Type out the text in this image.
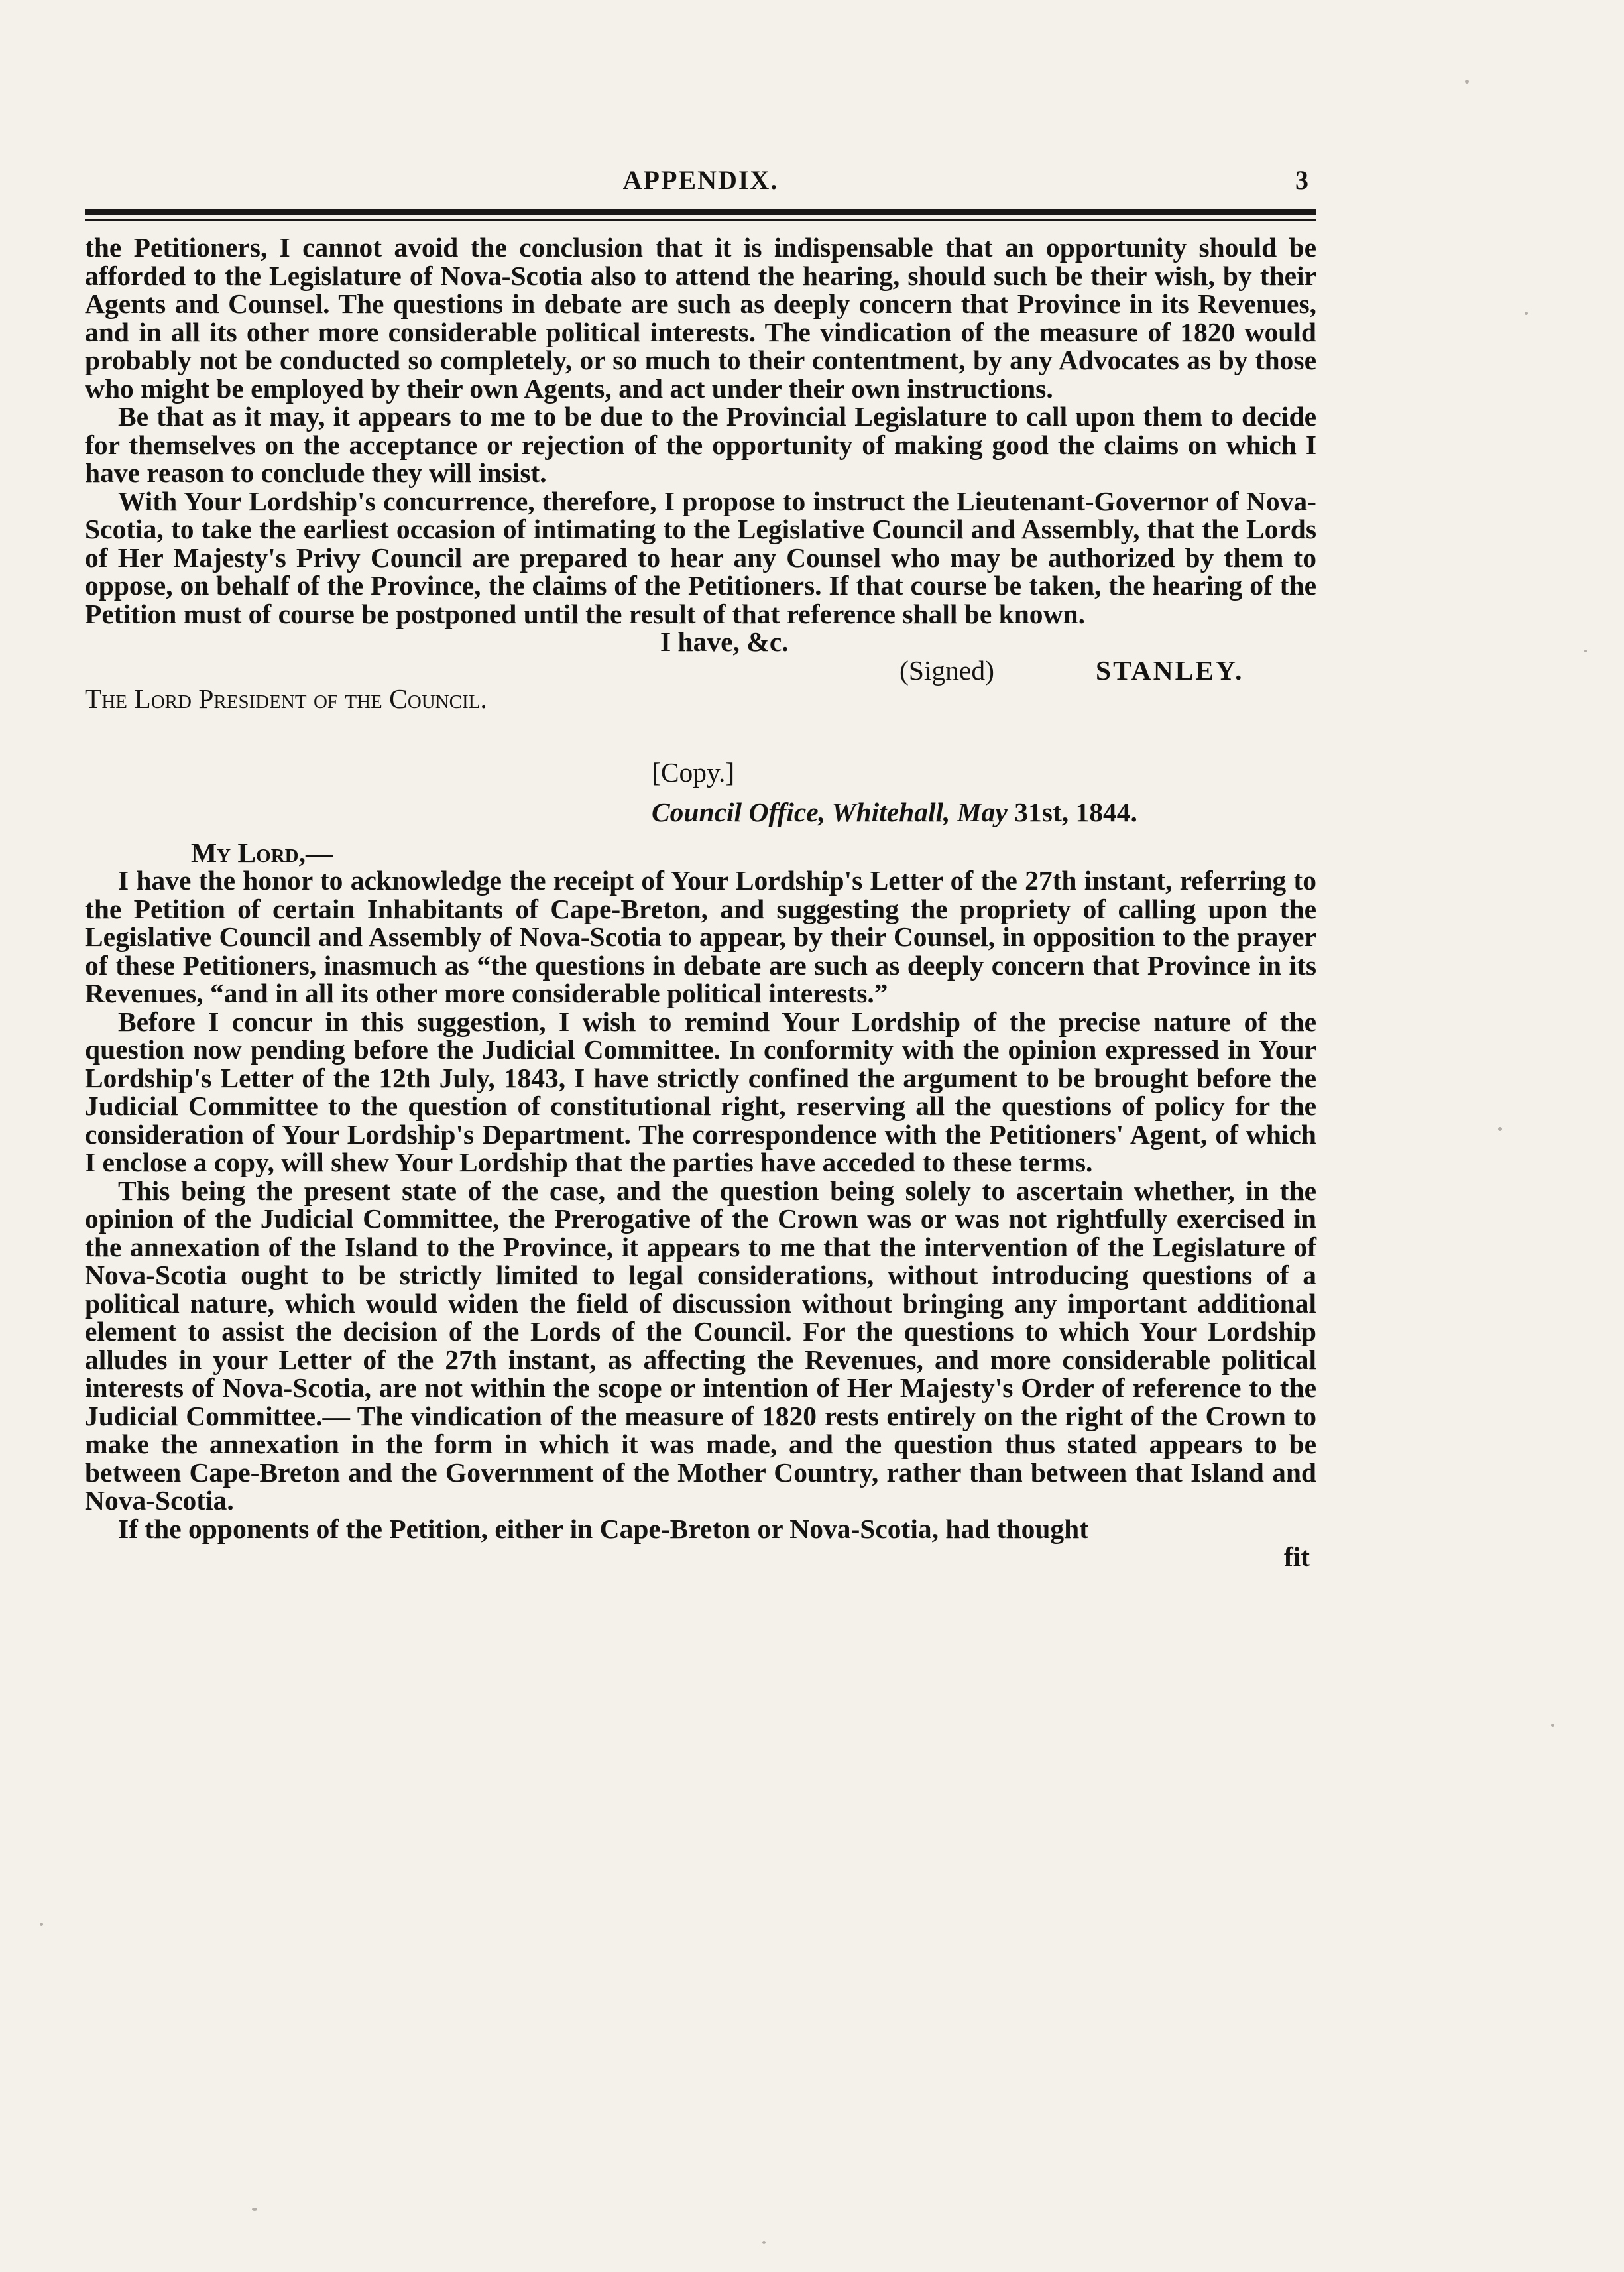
APPENDIX.	3

the Petitioners, I cannot avoid the conclusion that it is indispensable that an opportunity should be afforded to the Legislature of Nova-Scotia also to attend the hearing, should such be their wish, by their Agents and Counsel. The questions in debate are such as deeply concern that Province in its Revenues, and in all its other more considerable political interests. The vindication of the measure of 1820 would probably not be conducted so completely, or so much to their contentment, by any Advocates as by those who might be employed by their own Agents, and act under their own instructions.

Be that as it may, it appears to me to be due to the Provincial Legislature to call upon them to decide for themselves on the acceptance or rejection of the opportunity of making good the claims on which I have reason to conclude they will insist.

With Your Lordship's concurrence, therefore, I propose to instruct the Lieutenant-Governor of Nova-Scotia, to take the earliest occasion of intimating to the Legislative Council and Assembly, that the Lords of Her Majesty's Privy Council are prepared to hear any Counsel who may be authorized by them to oppose, on behalf of the Province, the claims of the Petitioners. If that course be taken, the hearing of the Petition must of course be postponed until the result of that reference shall be known.

I have, &c.
(Signed)	STANLEY.

The Lord President of the Council.

[Copy.]

Council Office, Whitehall, May 31st, 1844.

My Lord,—

I have the honor to acknowledge the receipt of Your Lordship's Letter of the 27th instant, referring to the Petition of certain Inhabitants of Cape-Breton, and suggesting the propriety of calling upon the Legislative Council and Assembly of Nova-Scotia to appear, by their Counsel, in opposition to the prayer of these Petitioners, inasmuch as “the questions in debate are such as deeply concern that Province in its Revenues, “and in all its other more considerable political interests.”

Before I concur in this suggestion, I wish to remind Your Lordship of the precise nature of the question now pending before the Judicial Committee. In conformity with the opinion expressed in Your Lordship's Letter of the 12th July, 1843, I have strictly confined the argument to be brought before the Judicial Committee to the question of constitutional right, reserving all the questions of policy for the consideration of Your Lordship's Department. The correspondence with the Petitioners' Agent, of which I enclose a copy, will shew Your Lordship that the parties have acceded to these terms.

This being the present state of the case, and the question being solely to ascertain whether, in the opinion of the Judicial Committee, the Prerogative of the Crown was or was not rightfully exercised in the annexation of the Island to the Province, it appears to me that the intervention of the Legislature of Nova-Scotia ought to be strictly limited to legal considerations, without introducing questions of a political nature, which would widen the field of discussion without bringing any important additional element to assist the decision of the Lords of the Council. For the questions to which Your Lordship alludes in your Letter of the 27th instant, as affecting the Revenues, and more considerable political interests of Nova-Scotia, are not within the scope or intention of Her Majesty's Order of reference to the Judicial Committee.— The vindication of the measure of 1820 rests entirely on the right of the Crown to make the annexation in the form in which it was made, and the question thus stated appears to be between Cape-Breton and the Government of the Mother Country, rather than between that Island and Nova-Scotia.

If the opponents of the Petition, either in Cape-Breton or Nova-Scotia, had thought

fit
